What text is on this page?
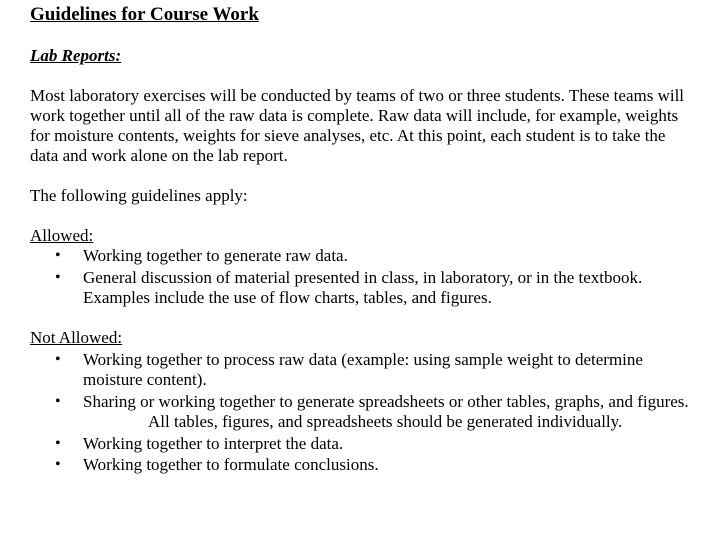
Guidelines for Course Work
Lab Reports:

Most laboratory exercises will be conducted by teams of two or three students. These teams will

work together until all of the raw data is complete. Raw data will include, for example, weights

for moisture contents, weights for sieve analyses, etc. At this point, each student is to take the

data and work alone on the lab report.

The following guidelines apply:

Allowed:

• Working together to generate raw data.

• General discussion of material presented in class, in laboratory, or in the textbook.

Examples include the use of flow charts, tables, and figures.

Not Allowed:

• Working together to process raw data (example: using sample weight to determine

moisture content).

• Sharing or working together to generate spreadsheets or other tables, graphs, and figures.

All tables, figures, and spreadsheets should be generated individually.

• Working together to interpret the data.

• Working together to formulate conclusions.
